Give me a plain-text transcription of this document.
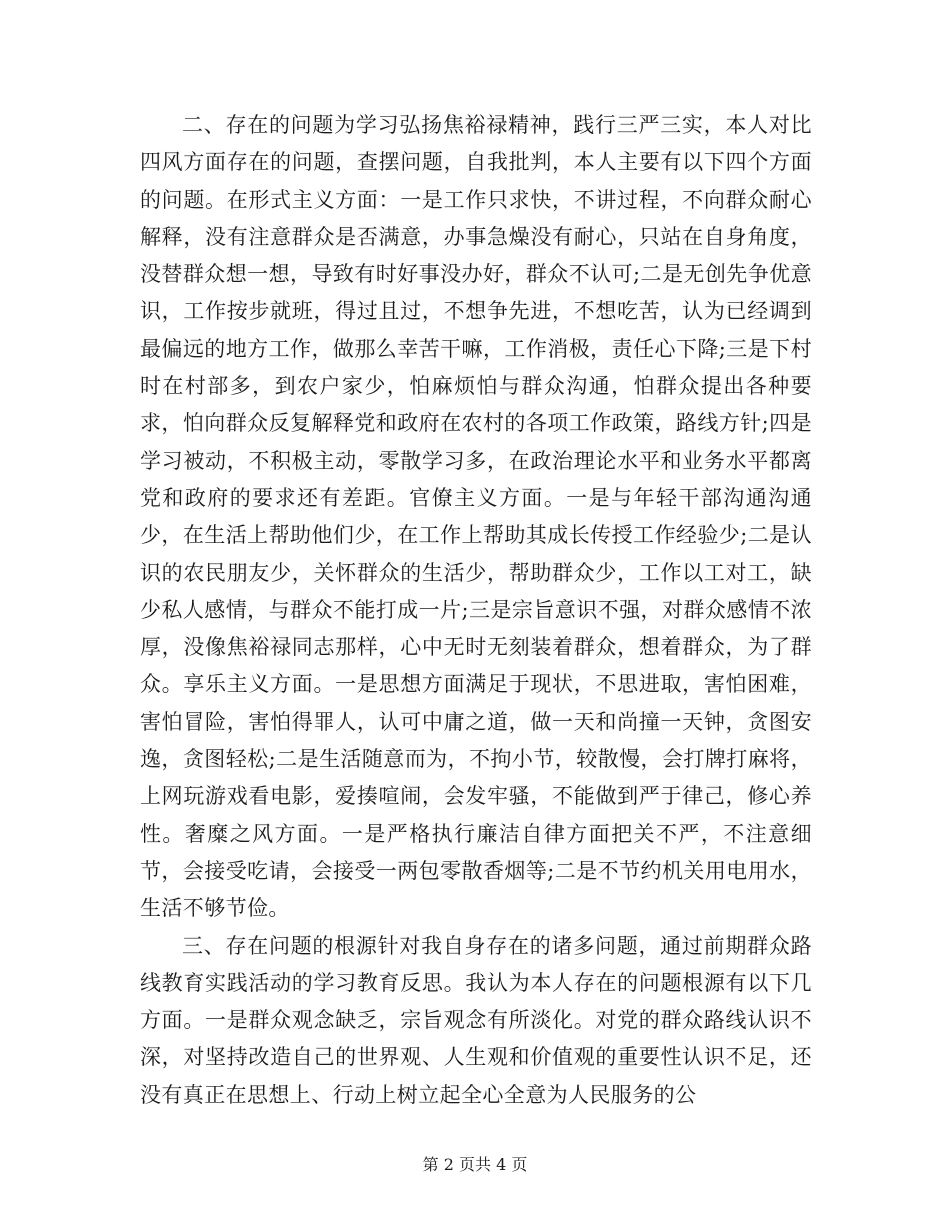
二、存在的问题为学习弘扬焦裕禄精神，践行三严三实，本人对比四风方面存在的问题，查摆问题，自我批判，本人主要有以下四个方面的问题。在形式主义方面：一是工作只求快，不讲过程，不向群众耐心解释，没有注意群众是否满意，办事急燥没有耐心，只站在自身角度，没替群众想一想，导致有时好事没办好，群众不认可;二是无创先争优意识，工作按步就班，得过且过，不想争先进，不想吃苦，认为已经调到最偏远的地方工作，做那么幸苦干嘛，工作消极，责任心下降;三是下村时在村部多，到农户家少，怕麻烦怕与群众沟通，怕群众提出各种要求，怕向群众反复解释党和政府在农村的各项工作政策，路线方针;四是学习被动，不积极主动，零散学习多，在政治理论水平和业务水平都离党和政府的要求还有差距。官僚主义方面。一是与年轻干部沟通沟通少，在生活上帮助他们少，在工作上帮助其成长传授工作经验少;二是认识的农民朋友少，关怀群众的生活少，帮助群众少，工作以工对工，缺少私人感情，与群众不能打成一片;三是宗旨意识不强，对群众感情不浓厚，没像焦裕禄同志那样，心中无时无刻装着群众，想着群众，为了群众。享乐主义方面。一是思想方面满足于现状，不思进取，害怕困难，害怕冒险，害怕得罪人，认可中庸之道，做一天和尚撞一天钟，贪图安逸，贪图轻松;二是生活随意而为，不拘小节，较散慢，会打牌打麻将，上网玩游戏看电影，爱揍喧闹，会发牢骚，不能做到严于律己，修心养性。奢糜之风方面。一是严格执行廉洁自律方面把关不严，不注意细节，会接受吃请，会接受一两包零散香烟等;二是不节约机关用电用水，生活不够节俭。

三、存在问题的根源针对我自身存在的诸多问题，通过前期群众路线教育实践活动的学习教育反思。我认为本人存在的问题根源有以下几方面。一是群众观念缺乏，宗旨观念有所淡化。对党的群众路线认识不深，对坚持改造自己的世界观、人生观和价值观的重要性认识不足，还没有真正在思想上、行动上树立起全心全意为人民服务的公

第 2 页共 4 页
